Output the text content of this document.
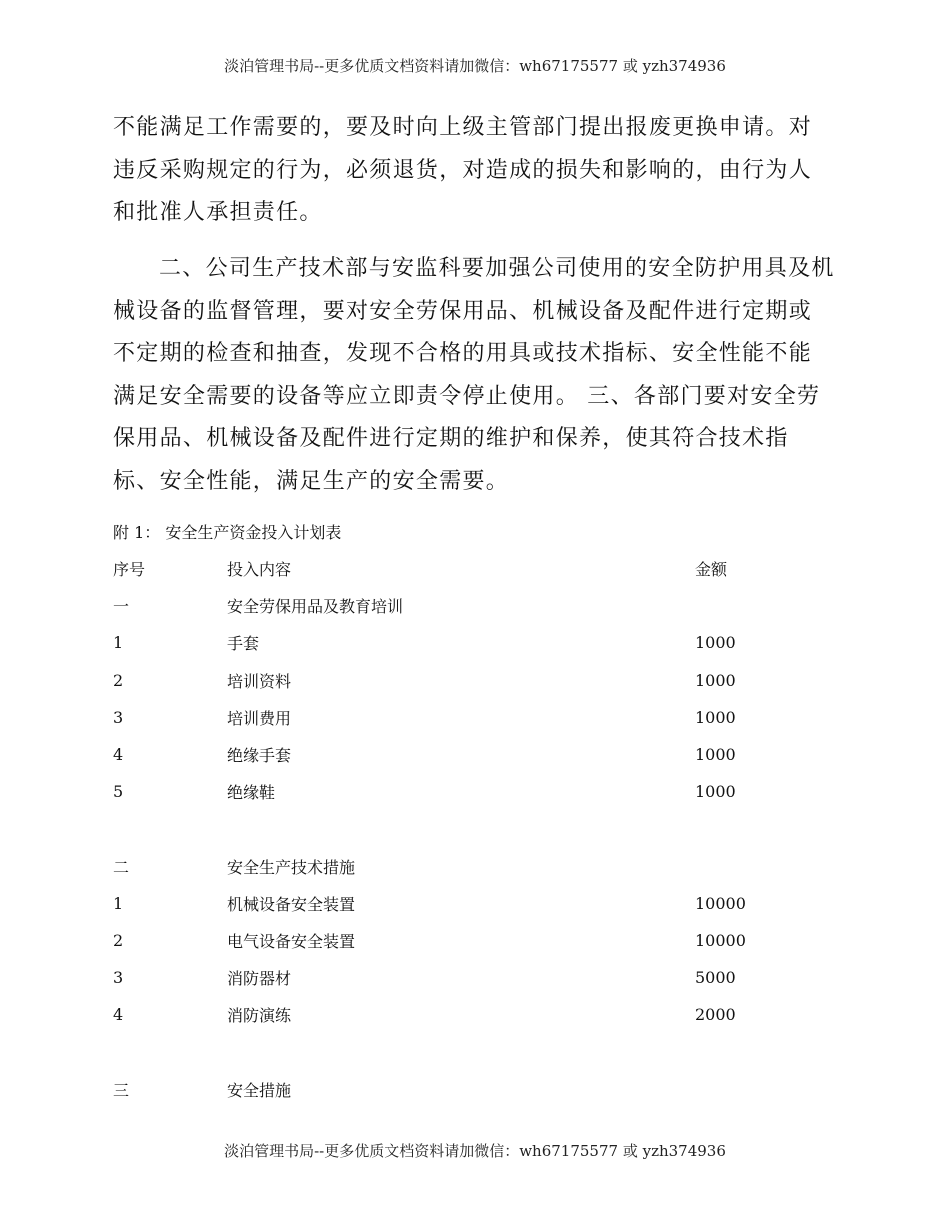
淡泊管理书局--更多优质文档资料请加微信：wh67175577 或 yzh374936

不能满足工作需要的，要及时向上级主管部门提出报废更换申请。对违反采购规定的行为，必须退货，对造成的损失和影响的，由行为人和批准人承担责任。

二、公司生产技术部与安监科要加强公司使用的安全防护用具及机械设备的监督管理，要对安全劳保用品、机械设备及配件进行定期或不定期的检查和抽查，发现不合格的用具或技术指标、安全性能不能满足安全需要的设备等应立即责令停止使用。 三、各部门要对安全劳保用品、机械设备及配件进行定期的维护和保养，使其符合技术指标、安全性能，满足生产的安全需要。

附 1： 安全生产资金投入计划表
序号	投入内容	金额
一	安全劳保用品及教育培训
1	手套	1000
2	培训资料	1000
3	培训费用	1000
4	绝缘手套	1000
5	绝缘鞋	1000
二	安全生产技术措施
1	机械设备安全装置	10000
2	电气设备安全装置	10000
3	消防器材	5000
4	消防演练	2000
三	安全措施
淡泊管理书局--更多优质文档资料请加微信：wh67175577 或 yzh374936
